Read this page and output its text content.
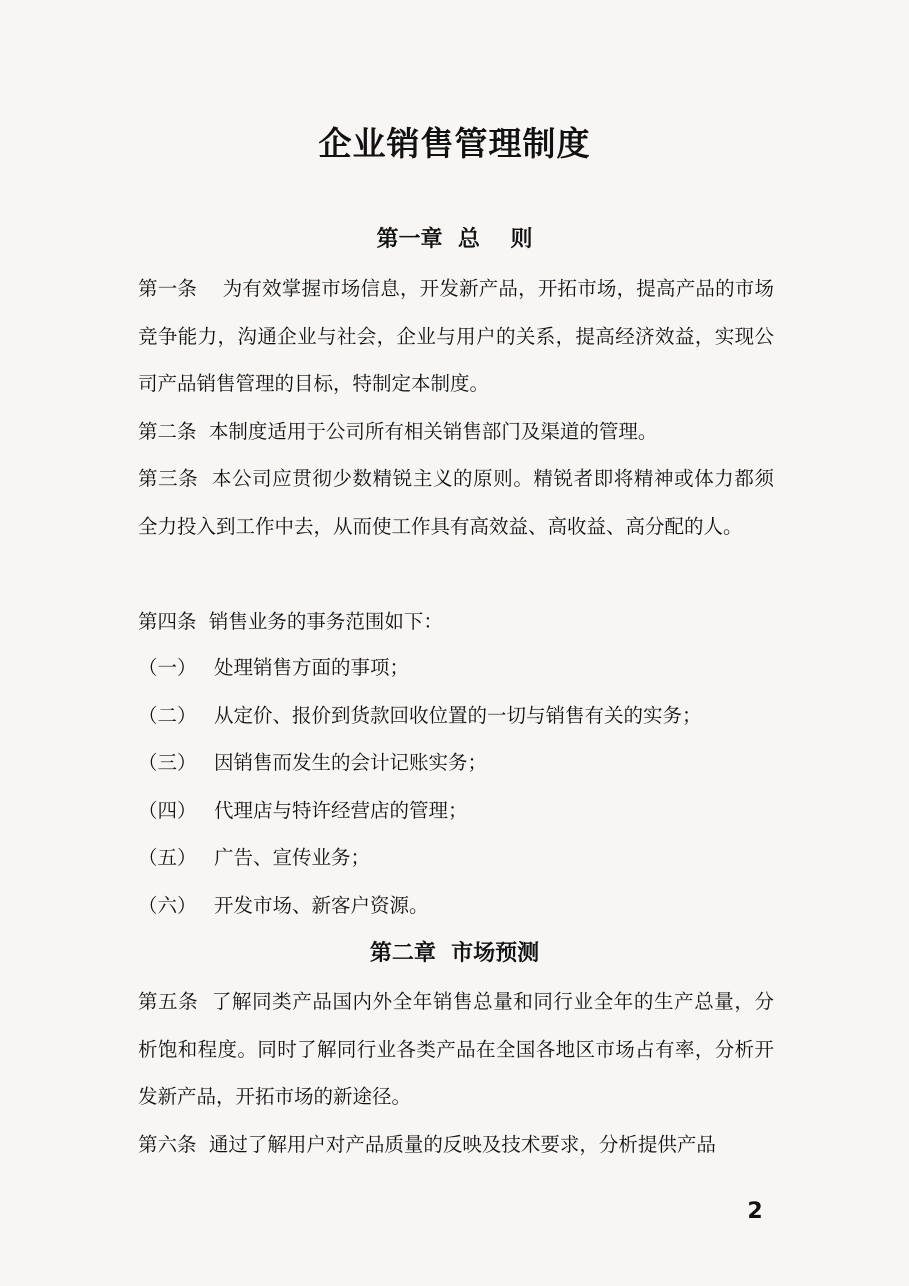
企业销售管理制度
第一章  总    则

第一条 为有效掌握市场信息，开发新产品，开拓市场，提高产品的市场竞争能力，沟通企业与社会，企业与用户的关系，提高经济效益，实现公司产品销售管理的目标，特制定本制度。

第二条 本制度适用于公司所有相关销售部门及渠道的管理。

第三条 本公司应贯彻少数精锐主义的原则。精锐者即将精神或体力都须全力投入到工作中去，从而使工作具有高效益、高收益、高分配的人。

第四条 销售业务的事务范围如下：

（一） 处理销售方面的事项；
（二） 从定价、报价到货款回收位置的一切与销售有关的实务；
（三） 因销售而发生的会计记账实务；
（四） 代理店与特许经营店的管理；
（五） 广告、宣传业务；
（六） 开发市场、新客户资源。
第二章  市场预测

第五条 了解同类产品国内外全年销售总量和同行业全年的生产总量，分析饱和程度。同时了解同行业各类产品在全国各地区市场占有率，分析开发新产品，开拓市场的新途径。

第六条 通过了解用户对产品质量的反映及技术要求，分析提供产品

2
